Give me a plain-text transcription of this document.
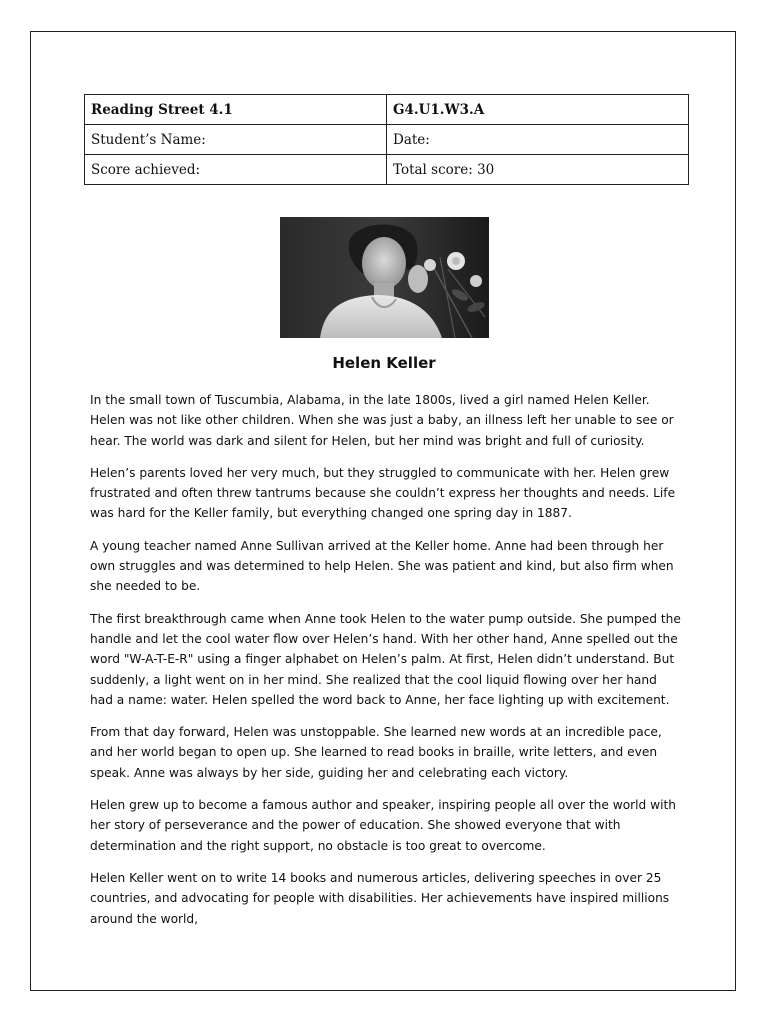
Reading Street 4.1	G4.U1.W3.A
Student’s Name:	Date:
Score achieved:	Total score: 30
Helen Keller

In the small town of Tuscumbia, Alabama, in the late 1800s, lived a girl named Helen Keller. Helen was not like other children. When she was just a baby, an illness left her unable to see or hear. The world was dark and silent for Helen, but her mind was bright and full of curiosity.

Helen’s parents loved her very much, but they struggled to communicate with her. Helen grew frustrated and often threw tantrums because she couldn’t express her thoughts and needs. Life was hard for the Keller family, but everything changed one spring day in 1887.

A young teacher named Anne Sullivan arrived at the Keller home. Anne had been through her own struggles and was determined to help Helen. She was patient and kind, but also firm when she needed to be.

The first breakthrough came when Anne took Helen to the water pump outside. She pumped the handle and let the cool water flow over Helen’s hand. With her other hand, Anne spelled out the word "W-A-T-E-R" using a finger alphabet on Helen’s palm. At first, Helen didn’t understand. But suddenly, a light went on in her mind. She realized that the cool liquid flowing over her hand had a name: water. Helen spelled the word back to Anne, her face lighting up with excitement.

From that day forward, Helen was unstoppable. She learned new words at an incredible pace, and her world began to open up. She learned to read books in braille, write letters, and even speak. Anne was always by her side, guiding her and celebrating each victory.

Helen grew up to become a famous author and speaker, inspiring people all over the world with her story of perseverance and the power of education. She showed everyone that with determination and the right support, no obstacle is too great to overcome.

Helen Keller went on to write 14 books and numerous articles, delivering speeches in over 25 countries, and advocating for people with disabilities. Her achievements have inspired millions around the world,
